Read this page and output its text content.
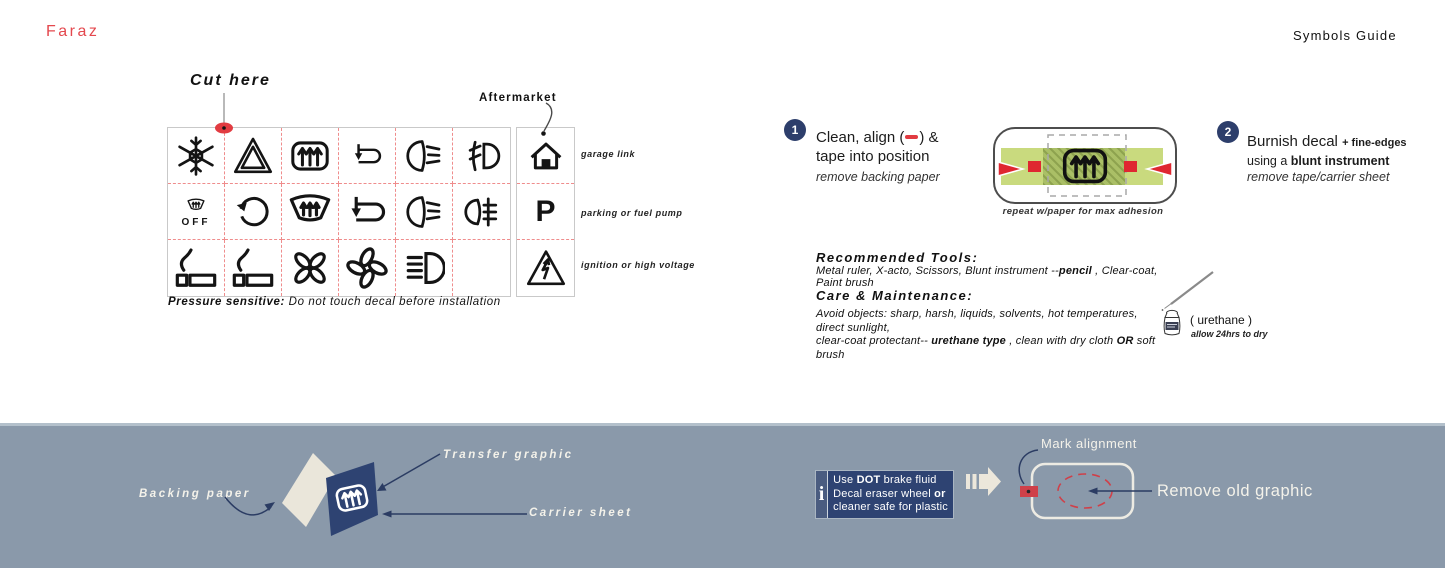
Faraz	Symbols Guide
Cut here
Aftermarket
OFF	P
garage link
parking or fuel pump
ignition or high voltage
Pressure sensitive: Do not touch decal before installation
1 Clean, align ( ) &
tape into position
remove backing paper
repeat w/paper for max adhesion
2
Burnish decal + fine-edges
using a blunt instrument
remove tape/carrier sheet
Recommended Tools:
Metal ruler, X-acto, Scissors, Blunt instrument --pencil , Clear-coat, Paint brush
Care & Maintenance:
Avoid objects: sharp, harsh, liquids, solvents, hot temperatures, direct sunlight,
clear-coat protectant-- urethane type , clean with dry cloth OR soft brush
( urethane )
allow 24hrs to dry
Backing paper
Transfer graphic
Carrier sheet
i
Use DOT brake fluid
Decal eraser wheel or
cleaner safe for plastic
Mark alignment
Remove old graphic
